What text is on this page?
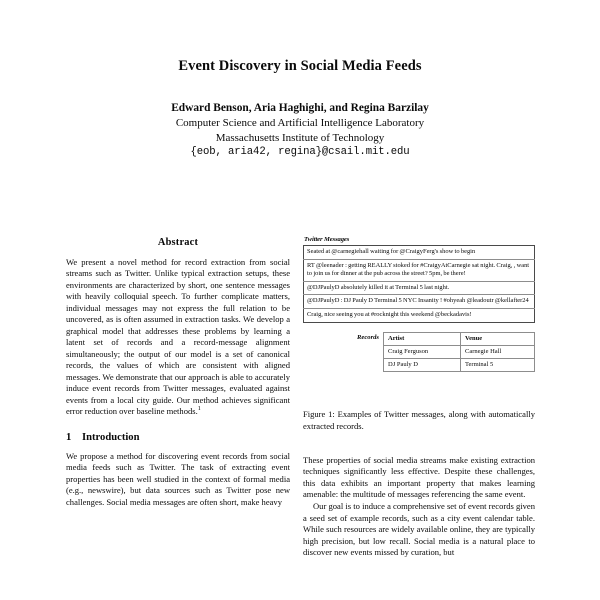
Event Discovery in Social Media Feeds
Edward Benson, Aria Haghighi, and Regina Barzilay
Computer Science and Artificial Intelligence Laboratory
Massachusetts Institute of Technology
{eob, aria42, regina}@csail.mit.edu
Abstract

We present a novel method for record extraction from social streams such as Twitter. Unlike typical extraction setups, these environments are characterized by short, one sentence messages with heavily colloquial speech. To further complicate matters, individual messages may not express the full relation to be uncovered, as is often assumed in extraction tasks. We develop a graphical model that addresses these problems by learning a latent set of records and a record-message alignment simultaneously; the output of our model is a set of canonical records, the values of which are consistent with aligned messages. We demonstrate that our approach is able to accurately induce event records from Twitter messages, evaluated against events from a local city guide. Our method achieves significant error reduction over baseline methods.$^1$

1 Introduction

We propose a method for discovering event records from social media feeds such as Twitter. The task of extracting event properties has been well studied in the context of formal media (e.g., newswire), but data sources such as Twitter pose new challenges. Social media messages are often short, make heavy

Twitter Messages
Seated at @carnegiehall waiting for @CraigyFerg's show to begin
RT @leenader : getting REALLY stoked for #CraigyAtCarnegie sat night. Craig, , want to join us for dinner at the pub across the street? 5pm, be there!
@DJPaulyD absolutely killed it at Terminal 5 last night.
@DJPaulyD : DJ Pauly D Terminal 5 NYC Insanity ! #ohyeah @leadoutr @kellafter24
Craig, nice seeing you at #rocknight this weekend @beckadavis!
Records	Artist	Venue
Craig Ferguson	Carnegie Hall
DJ Pauly D	Terminal 5
Figure 1: Examples of Twitter messages, along with automatically extracted records.

These properties of social media streams make existing extraction techniques significantly less effective. Despite these challenges, this data exhibits an important property that makes learning amenable: the multitude of messages referencing the same event.

Our goal is to induce a comprehensive set of event records given a seed set of example records, such as a city event calendar table. While such resources are widely available online, they are typically high precision, but low recall. Social media is a natural place to discover new events missed by curation, but
